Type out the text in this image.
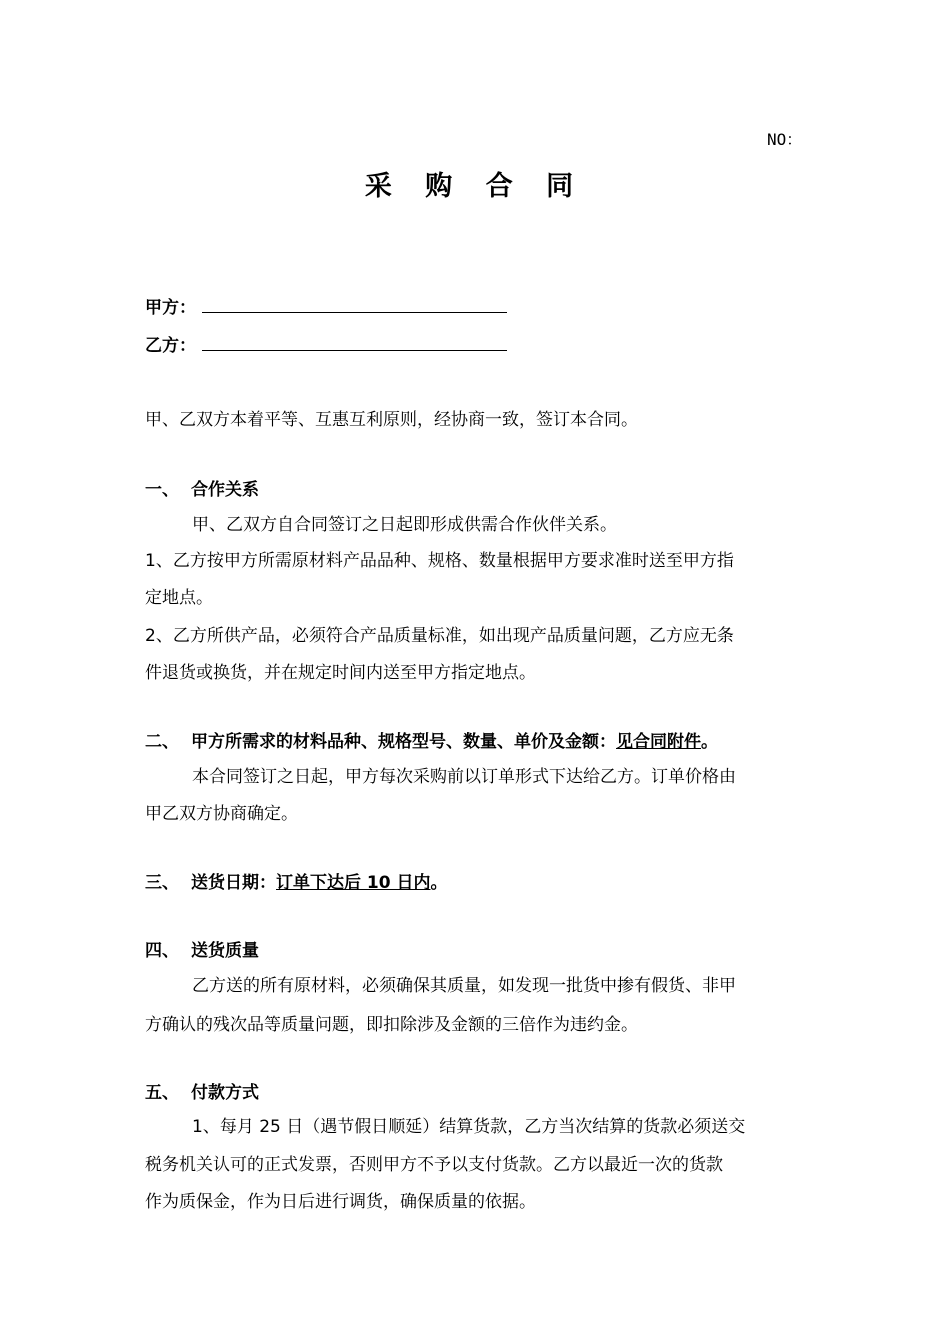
NO：
采 购 合 同
甲方：
乙方：
甲、乙双方本着平等、互惠互利原则，经协商一致，签订本合同。
一、 合作关系
甲、乙双方自合同签订之日起即形成供需合作伙伴关系。
1、乙方按甲方所需原材料产品品种、规格、数量根据甲方要求准时送至甲方指
定地点。
2、乙方所供产品，必须符合产品质量标准，如出现产品质量问题，乙方应无条
件退货或换货，并在规定时间内送至甲方指定地点。
二、 甲方所需求的材料品种、规格型号、数量、单价及金额：见合同附件。
本合同签订之日起，甲方每次采购前以订单形式下达给乙方。订单价格由
甲乙双方协商确定。
三、 送货日期：订单下达后 10 日内。
四、 送货质量
乙方送的所有原材料，必须确保其质量，如发现一批货中掺有假货、非甲
方确认的残次品等质量问题，即扣除涉及金额的三倍作为违约金。
五、 付款方式
1、每月 25 日（遇节假日顺延）结算货款，乙方当次结算的货款必须送交
税务机关认可的正式发票，否则甲方不予以支付货款。乙方以最近一次的货款
作为质保金，作为日后进行调货，确保质量的依据。
